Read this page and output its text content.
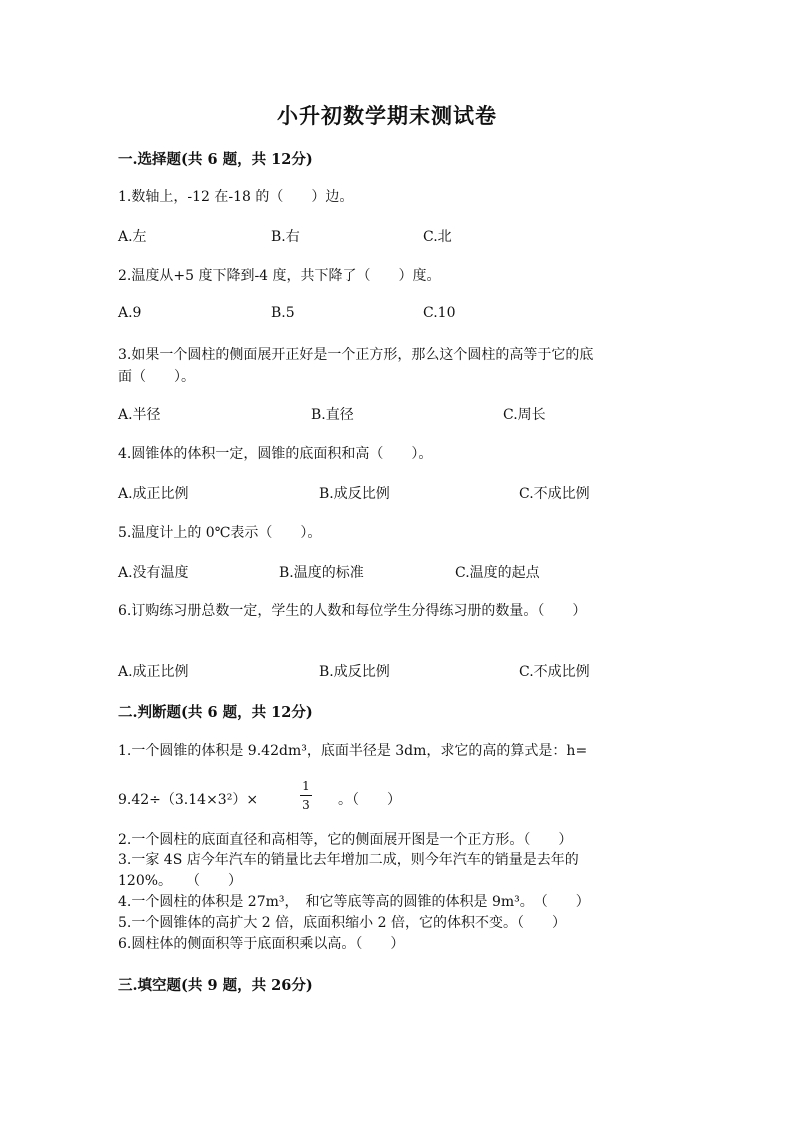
小升初数学期末测试卷
一.选择题(共 6 题，共 12分)
1.数轴上，-12 在-18 的（　　）边。
A.左	B.右	C.北
2.温度从+5 度下降到-4 度，共下降了（　　）度。
A.9	B.5	C.10
3.如果一个圆柱的侧面展开正好是一个正方形，那么这个圆柱的高等于它的底
面（　　）。
A.半径	B.直径	C.周长
4.圆锥体的体积一定，圆锥的底面积和高（　　）。
A.成正比例	B.成反比例	C.不成比例
5.温度计上的 0℃表示（　　）。
A.没有温度	B.温度的标准	C.温度的起点
6.订购练习册总数一定，学生的人数和每位学生分得练习册的数量。（　　）
A.成正比例	B.成反比例	C.不成比例
二.判断题(共 6 题，共 12分)
1.一个圆锥的体积是 9.42dm³，底面半径是 3dm，求它的高的算式是：h=
9.42÷（3.14×3²）×
1
3 。（　　）
2.一个圆柱的底面直径和高相等，它的侧面展开图是一个正方形。（　　）
3.一家 4S 店今年汽车的销量比去年增加二成，则今年汽车的销量是去年的
120%。　　（　　）
4.一个圆柱的体积是 27m³，　和它等底等高的圆锥的体积是 9m³。　（　　）
5.一个圆锥体的高扩大 2 倍，底面积缩小 2 倍，它的体积不变。（　　）
6.圆柱体的侧面积等于底面积乘以高。（　　）
三.填空题(共 9 题，共 26分)
